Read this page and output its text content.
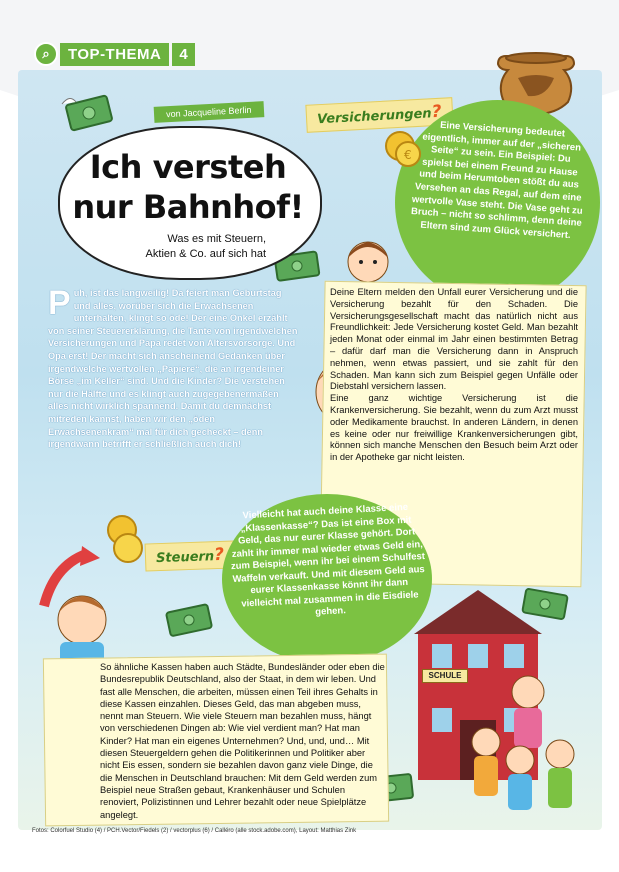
⌕	TOP-THEMA	4
von Jacqueline Berlin
Ich versteh
nur Bahnhof!
Was es mit Steuern,
Aktien & Co. auf sich hat
Versicherungen?
€
Eine Versicherung bedeutet eigentlich, immer auf der „sicheren Seite“ zu sein. Ein Beispiel: Du spielst bei einem Freund zu Hause und beim Herumtoben stößt du aus Versehen an das Regal, auf dem eine wertvolle Vase steht. Die Vase geht zu Bruch – nicht so schlimm, denn deine Eltern sind zum Glück versichert.
Puh, ist das langweilig! Da feiert man Geburtstag und alles, worüber sich die Erwachsenen unterhalten, klingt so öde! Der eine Onkel erzählt von seiner Steuererklärung, die Tante von irgendwelchen Versicherungen und Papa redet von Altersvorsorge. Und Opa erst! Der macht sich anscheinend Gedanken über irgendwelche wertvollen „Papiere“, die an irgendeiner Börse „im Keller“ sind. Und die Kinder? Die verstehen nur die Hälfte und es klingt auch zugegebenermaßen alles nicht wirklich spannend. Damit du demnächst mitreden kannst, haben wir den „öden Erwachsenenkram“ mal für dich gecheckt – denn irgendwann betrifft er schließlich auch dich!

Deine Eltern melden den Unfall eurer Versicherung und die Versicherung bezahlt für den Schaden. Die Versicherungsgesellschaft macht das natürlich nicht aus Freundlichkeit: Jede Versicherung kostet Geld. Man bezahlt jeden Monat oder einmal im Jahr einen bestimmten Betrag – dafür darf man die Versicherung dann in Anspruch nehmen, wenn etwas passiert, und sie zahlt für den Schaden. Man kann sich zum Beispiel gegen Unfälle oder Diebstahl versichern lassen.

Eine ganz wichtige Versicherung ist die Krankenversicherung. Sie bezahlt, wenn du zum Arzt musst oder Medikamente brauchst. In anderen Ländern, in denen es keine oder nur freiwillige Krankenversicherungen gibt, können sich manche Menschen den Besuch beim Arzt oder in der Apotheke gar nicht leisten.

Steuern?
Vielleicht hat auch deine Klasse eine „Klassenkasse“? Das ist eine Box mit Geld, das nur eurer Klasse gehört. Dort zahlt ihr immer mal wieder etwas Geld ein, zum Beispiel, wenn ihr bei einem Schulfest Waffeln verkauft. Und mit diesem Geld aus eurer Klassenkasse könnt ihr dann vielleicht mal zusammen in die Eisdiele gehen.
SCHULE
So ähnliche Kassen haben auch Städte, Bundesländer oder eben die Bundesrepublik Deutschland, also der Staat, in dem wir leben. Und fast alle Menschen, die arbeiten, müssen einen Teil ihres Gehalts in diese Kassen einzahlen. Dieses Geld, das man abgeben muss, nennt man Steuern. Wie viele Steuern man bezahlen muss, hängt von verschiedenen Dingen ab: Wie viel verdient man? Hat man Kinder? Hat man ein eigenes Unternehmen? Und, und, und… Mit diesen Steuergeldern gehen die Politikerinnen und Politiker aber nicht Eis essen, sondern sie bezahlen davon ganz viele Dinge, die die Menschen in Deutschland brauchen: Mit dem Geld werden zum Beispiel neue Straßen gebaut, Krankenhäuser und Schulen renoviert, Polizistinnen und Lehrer bezahlt oder neue Spielplätze angelegt.
Fotos: Colorfuel Studio (4) / PCH.Vector/Fiedels (2) / vectorplus (6) / Calléro (alle stock.adobe.com), Layout: Matthias Zink
